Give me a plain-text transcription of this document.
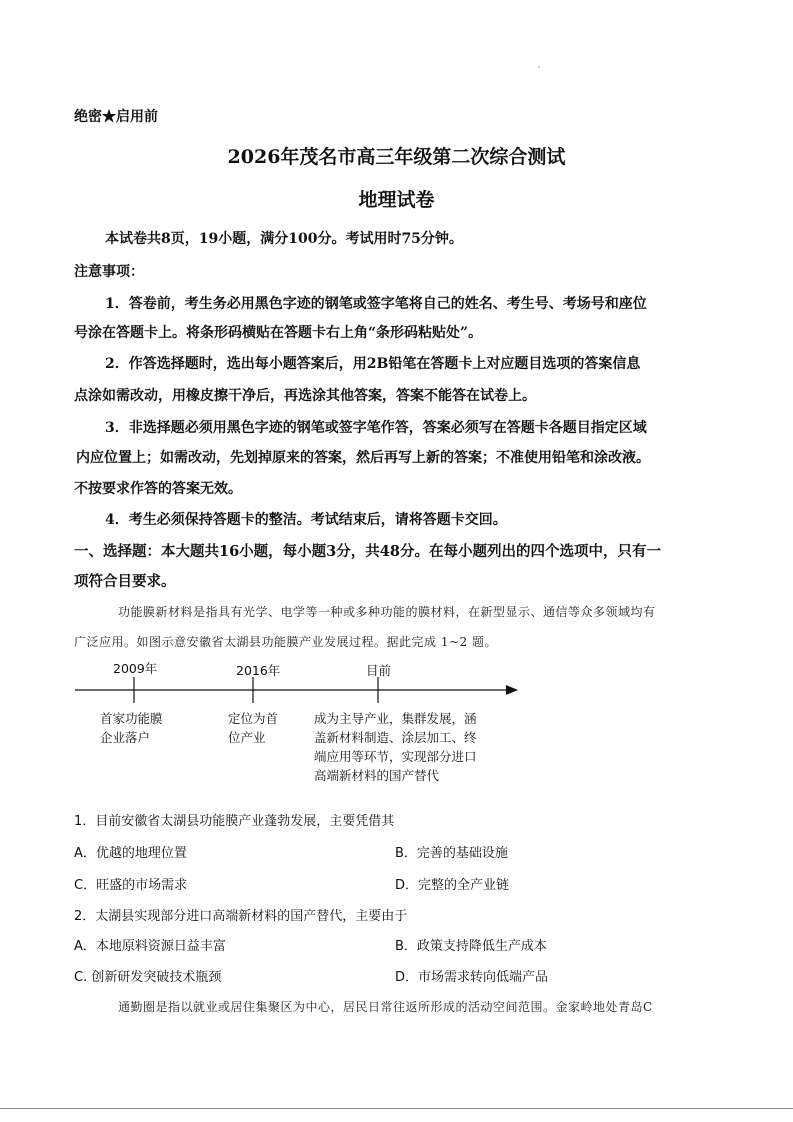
绝密★启用前
2026年茂名市高三年级第二次综合测试
地理试卷
本试卷共8页，19小题，满分100分。考试用时75分钟。
注意事项：
1．答卷前，考生务必用黑色字迹的钢笔或签字笔将自己的姓名、考生号、考场号和座位
号涂在答题卡上。将条形码横贴在答题卡右上角“条形码粘贴处”。
2．作答选择题时，选出每小题答案后，用2B铅笔在答题卡上对应题目选项的答案信息
点涂如需改动，用橡皮擦干净后，再选涂其他答案，答案不能答在试卷上。
3．非选择题必须用黑色字迹的钢笔或签字笔作答，答案必须写在答题卡各题目指定区域
内应位置上；如需改动，先划掉原来的答案，然后再写上新的答案；不准使用铅笔和涂改液。
不按要求作答的答案无效。
4．考生必须保持答题卡的整洁。考试结束后，请将答题卡交回。
一、选择题：本大题共16小题，每小题3分，共48分。在每小题列出的四个选项中，只有一
项符合目要求。
功能膜新材料是指具有光学、电学等一种或多种功能的膜材料，在新型显示、通信等众多领域均有
广泛应用。如图示意安徽省太湖县功能膜产业发展过程。据此完成 1~2 题。
2009年	2016年	目前
首家功能膜
企业落户
定位为首
位产业
成为主导产业，集群发展，涵
盖新材料制造、涂层加工、终
端应用等环节，实现部分进口
高端新材料的国产替代
1．目前安徽省太湖县功能膜产业蓬勃发展，主要凭借其
A．优越的地理位置	B．完善的基础设施
C．旺盛的市场需求	D．完整的全产业链
2．太湖县实现部分进口高端新材料的国产替代，主要由于
A．本地原料资源日益丰富	B．政策支持降低生产成本
C. 创新研发突破技术瓶颈	D．市场需求转向低端产品
通勤圈是指以就业或居住集聚区为中心，居民日常往返所形成的活动空间范围。金家岭地处青岛C
